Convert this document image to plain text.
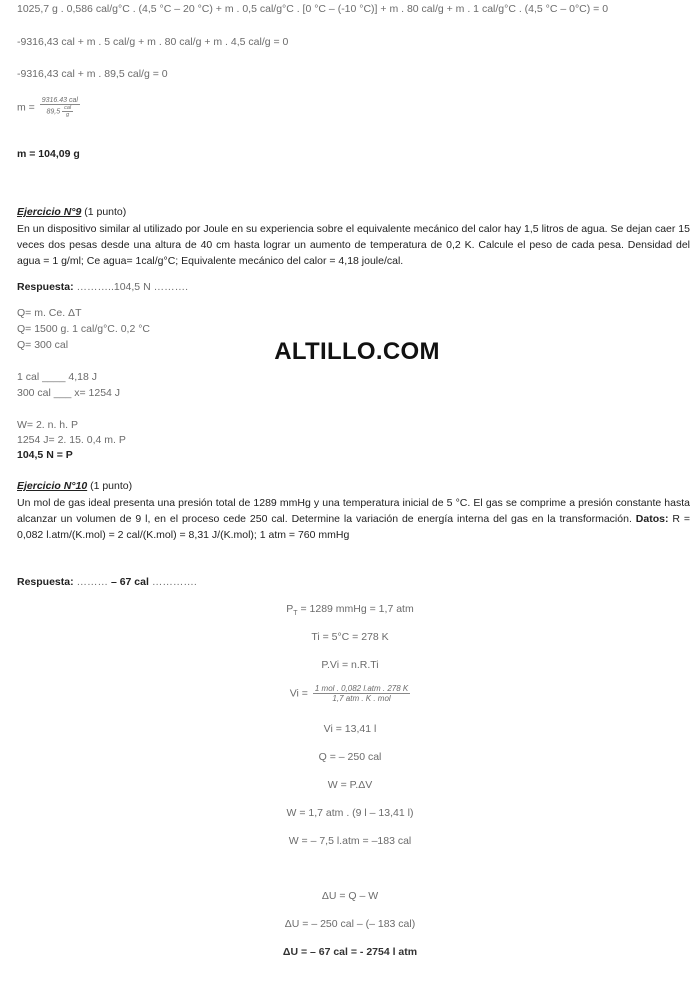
1025,7 g . 0,586 cal/g°C . (4,5 °C – 20 °C) + m . 0,5 cal/g°C . [0 °C – (-10 °C)] + m . 80 cal/g + m . 1 cal/g°C . (4,5 °C – 0°C) = 0
-9316,43 cal + m . 5 cal/g + m . 80 cal/g + m . 4,5 cal/g = 0
-9316,43 cal + m . 89,5 cal/g = 0
$m = \frac{\text{9316.43 cal}}{89,5 \frac{\text{cal}}{g}}$
m = 104,09 g
Ejercicio N°9 (1 punto)
En un dispositivo similar al utilizado por Joule en su experiencia sobre el equivalente mecánico del calor hay 1,5 litros de agua. Se dejan caer 15 veces dos pesas desde una altura de 40 cm hasta lograr un aumento de temperatura de 0,2 K. Calcule el peso de cada pesa. Densidad del agua = 1 g/ml; Ce agua= 1cal/g°C; Equivalente mecánico del calor = 4,18 joule/cal.
Respuesta: ………..104,5 N ……….
Q= m. Ce. ΔT
Q= 1500 g. 1 cal/g°C. 0,2 °C
Q= 300 cal
1 cal ____ 4,18 J
300 cal ___ x= 1254 J
W= 2. n. h. P
1254 J= 2. 15. 0,4 m. P
104,5 N = P
ALTILLO.COM
Ejercicio N°10 (1 punto)
Un mol de gas ideal presenta una presión total de 1289 mmHg y una temperatura inicial de 5 °C. El gas se comprime a presión constante hasta alcanzar un volumen de 9 l, en el proceso cede 250 cal. Determine la variación de energía interna del gas en la transformación. Datos: R = 0,082 l.atm/(K.mol) = 2 cal/(K.mol) = 8,31 J/(K.mol); 1 atm = 760 mmHg
Respuesta: ……… – 67 cal ………….
$P_T = 1289$ mmHg = 1,7 atm
Ti = 5°C = 278 K
P.Vi = n.R.Ti
$Vi = \frac{\text{1 mol . 0,082 l.atm . 278 K}}{\text{1,7 atm . K . mol}}$
Vi = 13,41 l
Q = – 250 cal
W = P.ΔV
W = 1,7 atm . (9 l – 13,41 l)
W = – 7,5 l.atm = –183 cal
ΔU = Q – W
ΔU = – 250 cal – (– 183 cal)
ΔU = – 67 cal = - 2754 l atm
